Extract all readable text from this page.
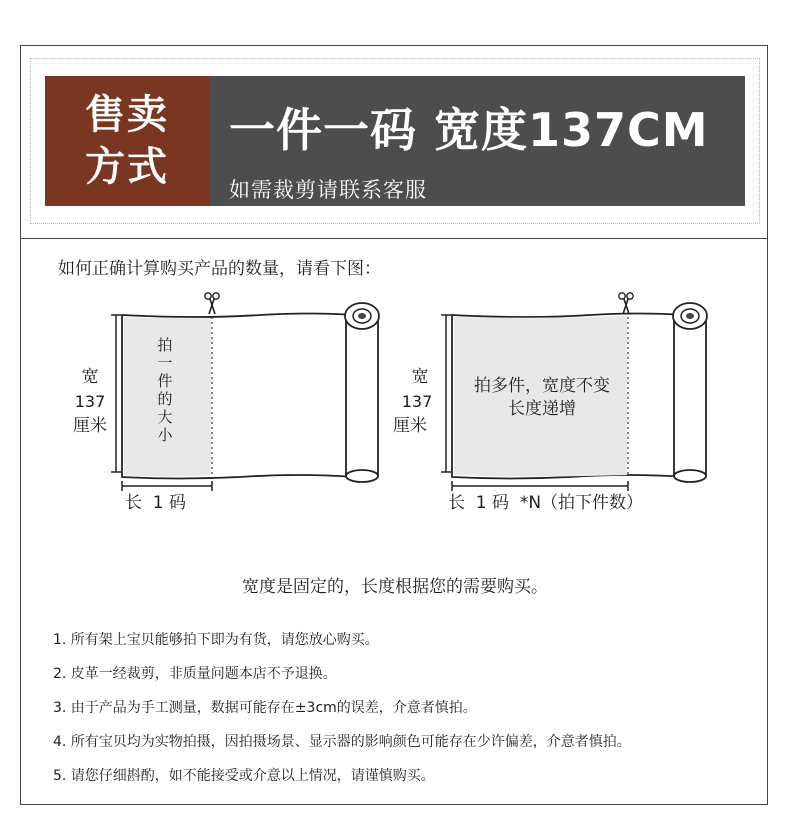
售卖
方式
一件一码 宽度137CM
如需裁剪请联系客服
如何正确计算购买产品的数量，请看下图：
宽
137
厘米
拍
一
件
的
大
小
长  1 码
宽
137
厘米
拍多件，宽度不变
长度递增
长  1 码  *N（拍下件数）
宽度是固定的，长度根据您的需要购买。
1. 所有架上宝贝能够拍下即为有货，请您放心购买。
2. 皮革一经裁剪，非质量问题本店不予退换。
3. 由于产品为手工测量，数据可能存在±3cm的误差，介意者慎拍。
4. 所有宝贝均为实物拍摄，因拍摄场景、显示器的影响颜色可能存在少许偏差，介意者慎拍。
5. 请您仔细斟酌，如不能接受或介意以上情况，请谨慎购买。
